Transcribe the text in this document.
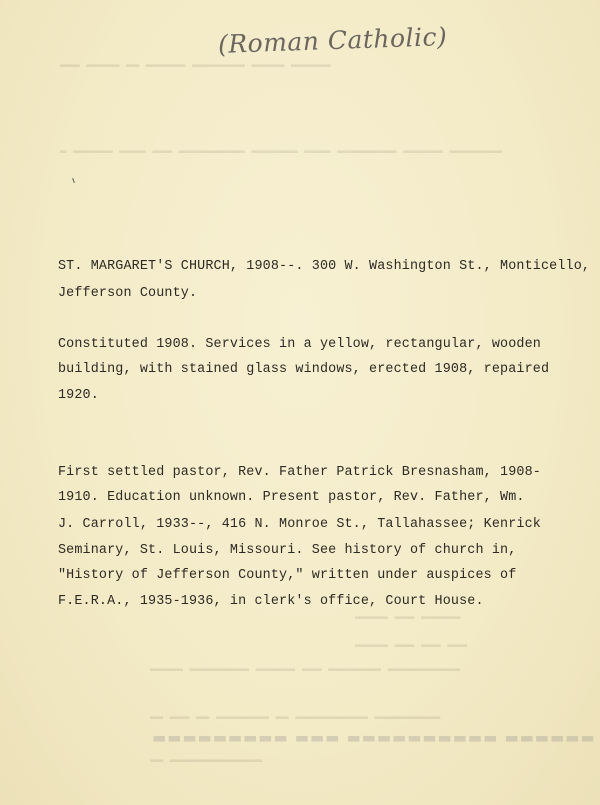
(Roman Catholic)
▬▬▬ ▬▬▬▬▬ ▬▬ ▬▬▬▬▬▬ ▬▬▬▬▬▬▬▬ ▬▬▬▬▬ ▬▬▬▬▬▬
▬ ▬▬▬▬▬▬ ▬▬▬▬ ▬▬▬ ▬▬▬▬▬▬▬▬▬▬ ▬▬▬▬▬▬▬ ▬▬▬▬ ▬▬▬▬▬▬▬▬▬ ▬▬▬▬▬▬ ▬▬▬▬▬▬▬▬
▬▬▬▬▬ ▬▬▬ ▬▬▬▬▬▬
▬▬▬▬▬ ▬▬▬ ▬▬▬ ▬▬▬
▬▬▬▬▬ ▬▬▬▬▬▬▬▬▬ ▬▬▬▬▬▬ ▬▬▬ ▬▬▬▬▬▬▬▬ ▬▬▬▬▬▬▬▬▬▬▬
▬▬ ▬▬▬ ▬▬ ▬▬▬▬▬▬▬▬ ▬▬ ▬▬▬▬▬▬▬▬▬▬▬ ▬▬▬▬▬▬▬▬▬▬
▬▬▬▬▬▬▬▬▬ ▬▬▬ ▬▬▬▬▬▬▬▬▬▬ ▬▬▬▬▬▬
▬▬ ▬▬▬▬▬▬▬▬▬▬▬▬▬▬
ST. MARGARET'S CHURCH, 1908--. 300 W. Washington St., Monticello,
Jefferson County.
Constituted 1908. Services in a yellow, rectangular, wooden
building, with stained glass windows, erected 1908, repaired
1920.
First settled pastor, Rev. Father Patrick Bresnasham, 1908-
1910. Education unknown. Present pastor, Rev. Father, Wm.
J. Carroll, 1933--, 416 N. Monroe St., Tallahassee; Kenrick
Seminary, St. Louis, Missouri. See history of church in,
"History of Jefferson County," written under auspices of
F.E.R.A., 1935-1936, in clerk's office, Court House.
